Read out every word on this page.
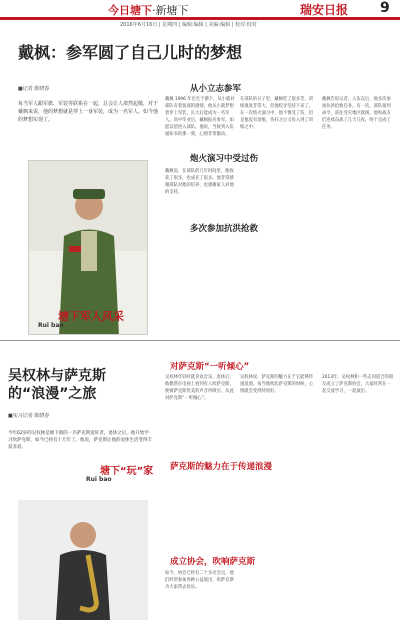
今日塘下·新塘下	瑞安日报 9
2016年6月16日 | 星期四 | 编辑:编辑 | 美编:编辑 | 校对:校对
戴枫：参军圆了自己儿时的梦想
■记者 陈晓春
每当军人跟军旗、军装等联系在一起，总会让人肃然起敬，对于戴枫来说，他的梦想就是穿上一身军装，成为一名军人。如今他的梦想实现了。
塘下军人风采
Rui bao
从小立志参军
戴枫 1996 年出生于塘下，从小就对部队有着很深的感情。他从小就梦想着穿上军装，长大后能成为一名军人。高中毕业后，戴枫报名参军，如愿以偿进入部队。他说，当接到入伍通知书的那一刻，心情非常激动。
在部队的日子里，戴枫吃了很多苦，训练强度非常大，但他咬牙坚持下来了。在一次炮火演习中，他不慎受了伤，但是他没有退缩，伤好之后又投入到了训练之中。
戴枫告诉记者，入伍以后，他多次参加抗洪抢救任务。有一次，部队接到命令，前往受灾地区救援，他和战友们连续奋战了几天几夜，终于完成了任务。
炮火演习中受过伤
戴枫说，在部队的几年时间里，他收获了很多，也成长了很多。他非常感谢部队对他的培养，也感谢家人对他的支持。
多次参加抗洪抢救
吴权林与萨克斯的“浪漫”之旅
■实习记者 陈晓春
今年62岁的吴权林是塘下镇的一名萨克斯爱好者，退休之后，他开始学习吹萨克斯，如今已经有十几年了。他说，萨克斯让他的退休生活变得丰富多彩。
塘下“玩”家
Rui bao
对萨克斯“一听倾心”
吴权林年轻时就喜欢音乐，退休后，他偶然在电视上看到有人吹萨克斯，便被萨克斯优美的声音所吸引，从此对萨克斯“一听倾心”。
吴权林说，萨克斯的魅力在于它能够传递浪漫。每当他吹起萨克斯的时候，心情就会变得特别好。
萨克斯的魅力在于传递浪漫
2013年，吴权林和一些志同道合的朋友成立了萨克斯协会，大家经常在一起交流学习，一起演出。
成立协会，吹响萨克斯
如今，协会已经有二十多名会员，他们经常参加各种公益演出，用萨克斯为大家带去快乐。
